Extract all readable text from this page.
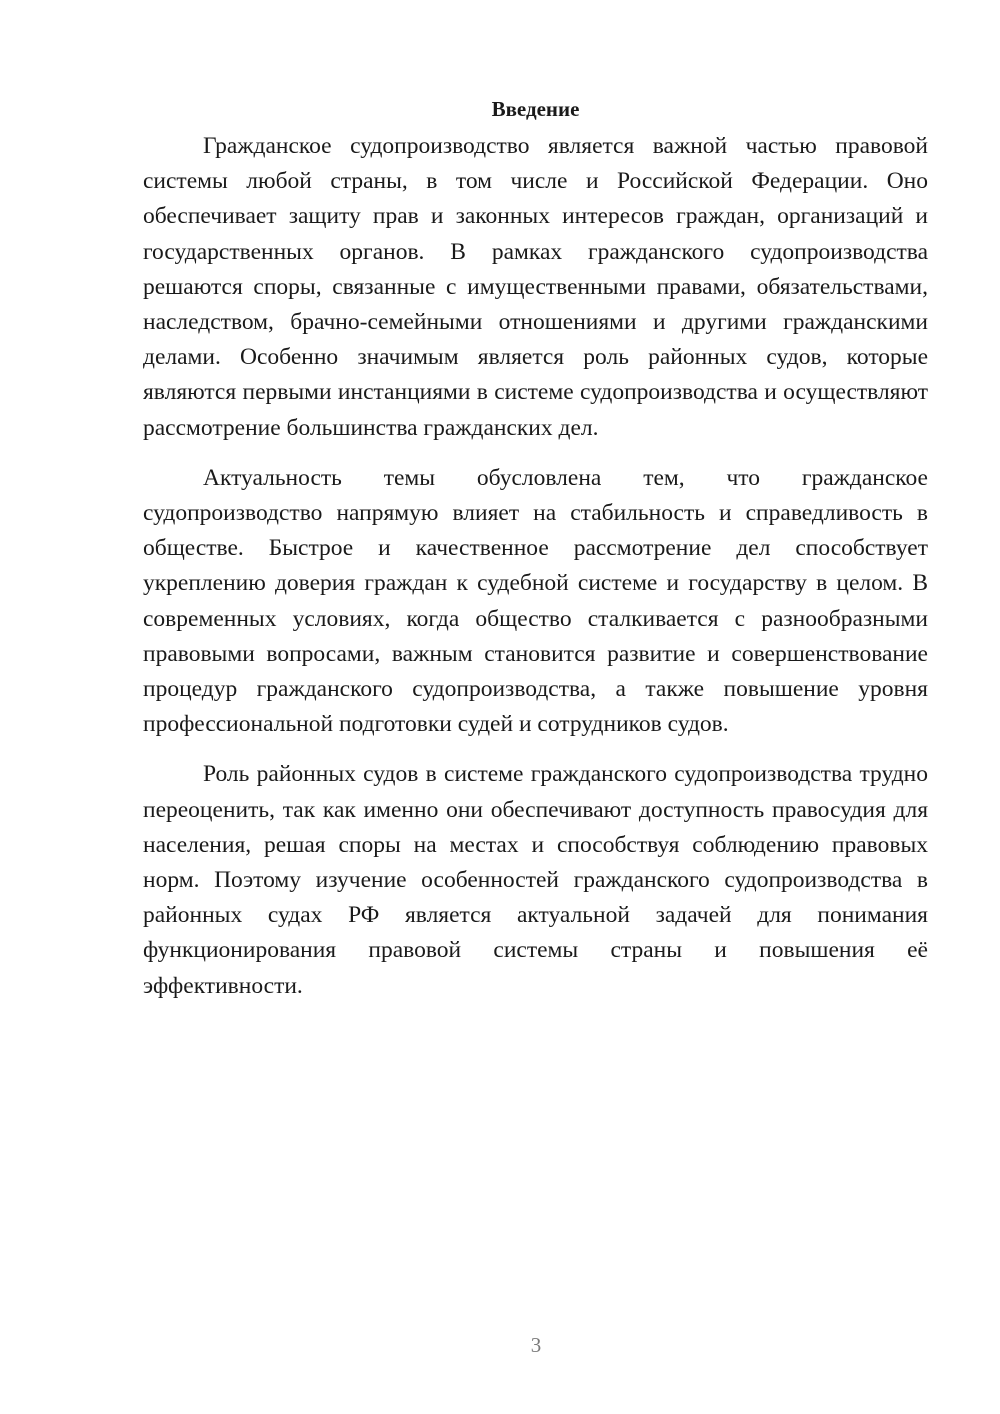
Введение

Гражданское судопроизводство является важной частью правовой системы любой страны, в том числе и Российской Федерации. Оно обеспечивает защиту прав и законных интересов граждан, организаций и государственных органов. В рамках гражданского судопроизводства решаются споры, связанные с имущественными правами, обязательствами, наследством, брачно-семейными отношениями и другими гражданскими делами. Особенно значимым является роль районных судов, которые являются первыми инстанциями в системе судопроизводства и осуществляют рассмотрение большинства гражданских дел.

Актуальность темы обусловлена тем, что гражданское судопроизводство напрямую влияет на стабильность и справедливость в обществе. Быстрое и качественное рассмотрение дел способствует укреплению доверия граждан к судебной системе и государству в целом. В современных условиях, когда общество сталкивается с разнообразными правовыми вопросами, важным становится развитие и совершенствование процедур гражданского судопроизводства, а также повышение уровня профессиональной подготовки судей и сотрудников судов.

Роль районных судов в системе гражданского судопроизводства трудно переоценить, так как именно они обеспечивают доступность правосудия для населения, решая споры на местах и способствуя соблюдению правовых норм. Поэтому изучение особенностей гражданского судопроизводства в районных судах РФ является актуальной задачей для понимания функционирования правовой системы страны и повышения её эффективности.

3
